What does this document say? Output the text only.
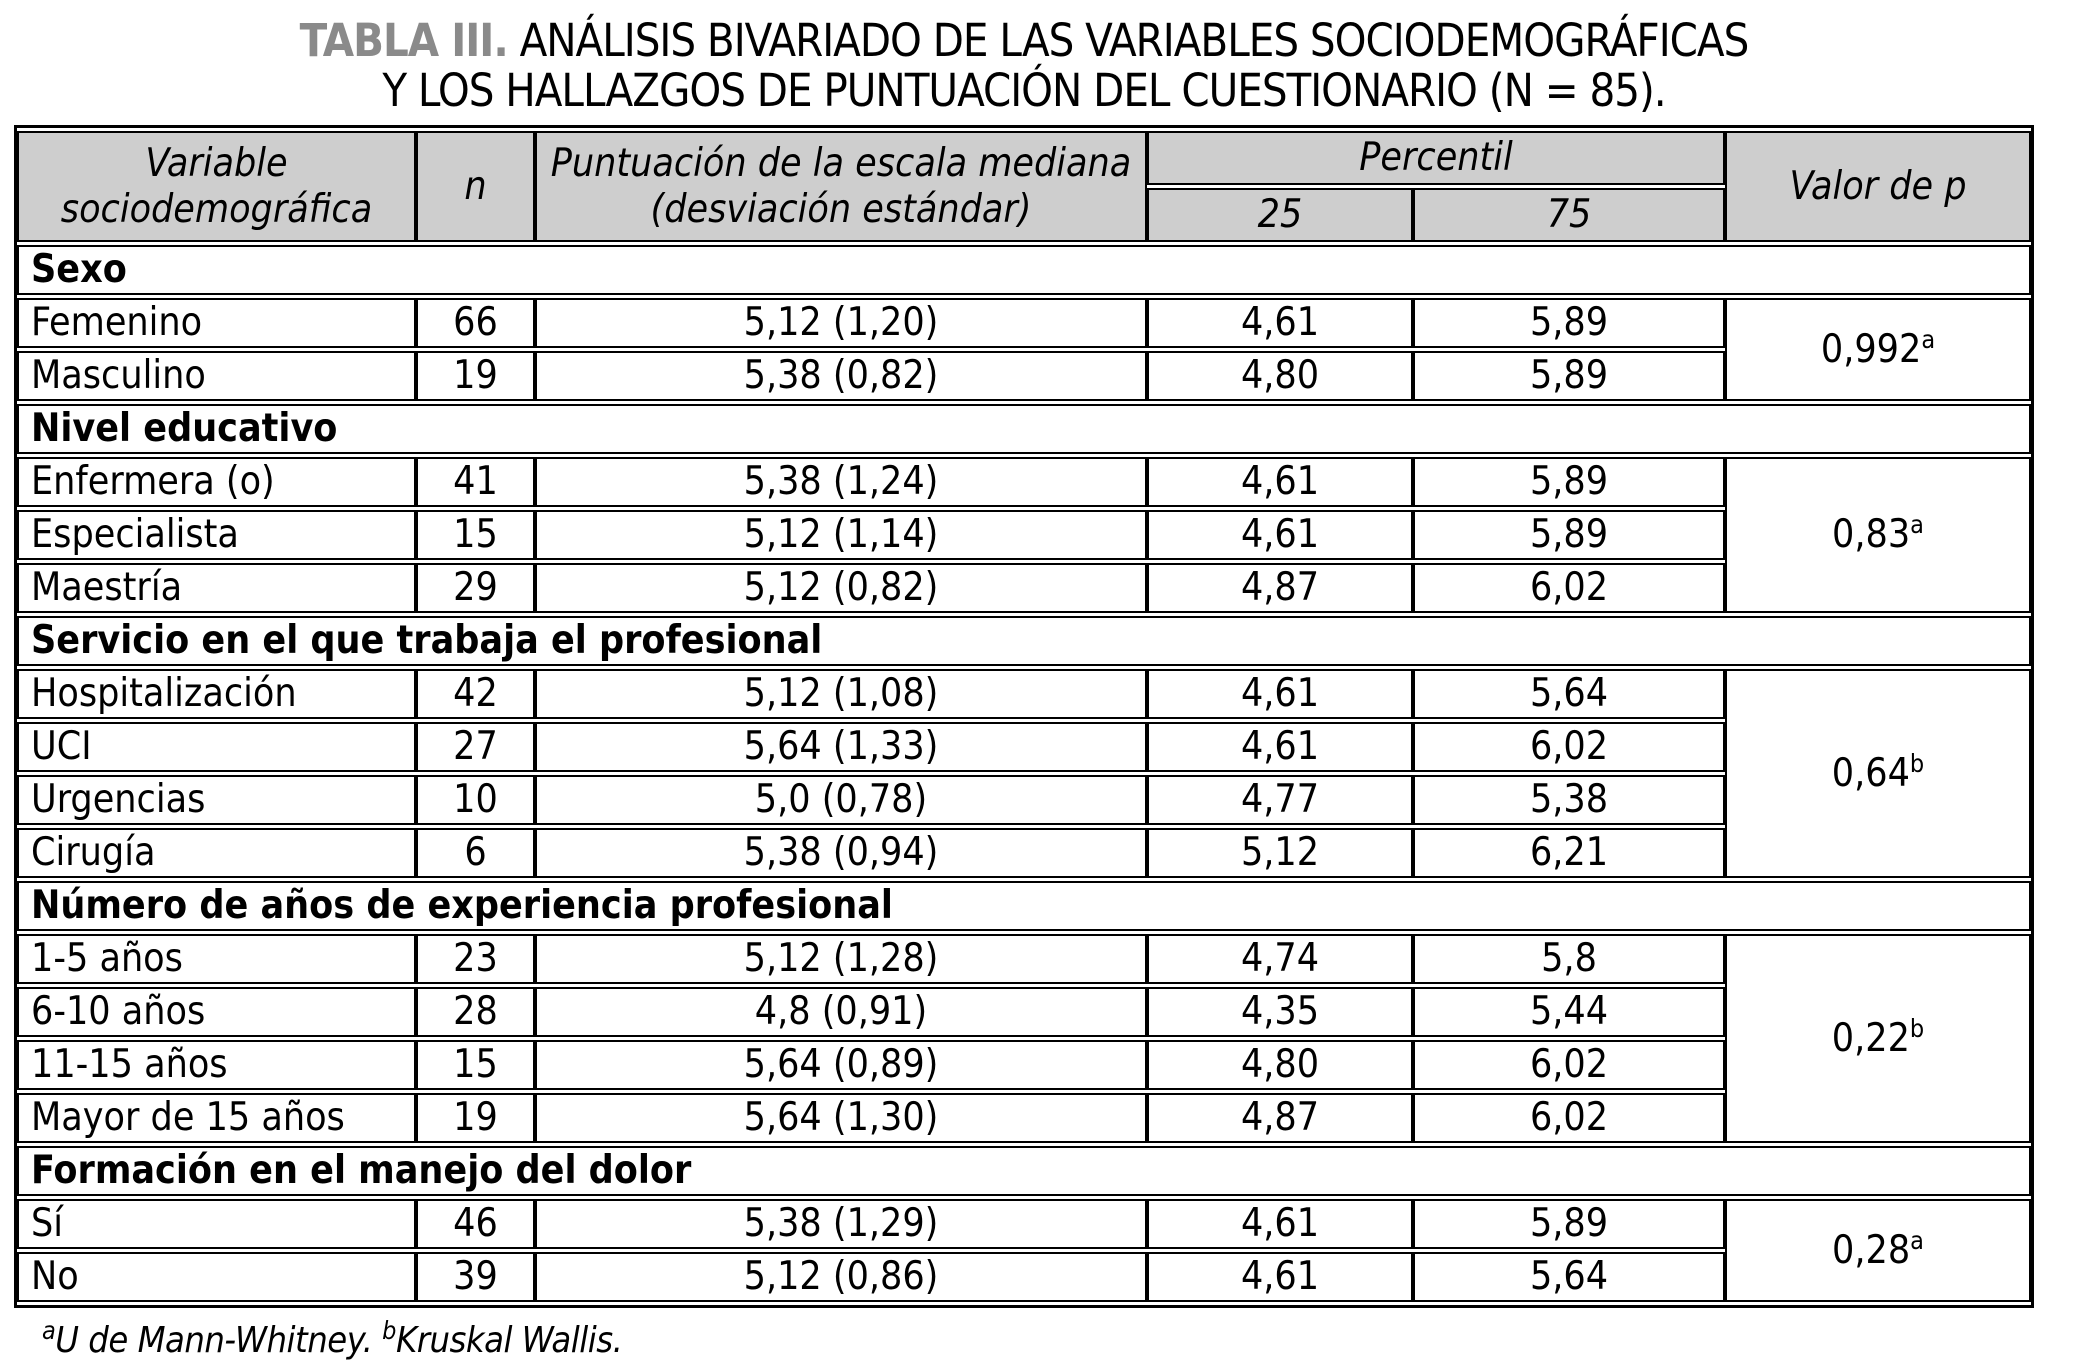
TABLA III. ANÁLISIS BIVARIADO DE LAS VARIABLES SOCIODEMOGRÁFICAS

Y LOS HALLAZGOS DE PUNTUACIÓN DEL CUESTIONARIO (N = 85).

Variable sociodemográfica	n	Puntuación de la escala mediana (desviación estándar)	Percentil		Valor de p
			25	75	
Sexo					
Femenino	66	5,12 (1,20)	4,61	5,89	0,992$^a$
Masculino	19	5,38 (0,82)	4,80	5,89	
Nivel educativo					
Enfermera (o)	41	5,38 (1,24)	4,61	5,89	0,83$^a$
Especialista	15	5,12 (1,14)	4,61	5,89	
Maestría	29	5,12 (0,82)	4,87	6,02	
Servicio en el que trabaja el profesional					
Hospitalización	42	5,12 (1,08)	4,61	5,64	0,64$^b$
UCI	27	5,64 (1,33)	4,61	6,02	
Urgencias	10	5,0 (0,78)	4,77	5,38	
Cirugía	6	5,38 (0,94)	5,12	6,21	
Número de años de experiencia profesional					
1-5 años	23	5,12 (1,28)	4,74	5,8	0,22$^b$
6-10 años	28	4,8 (0,91)	4,35	5,44	
11-15 años	15	5,64 (0,89)	4,80	6,02	
Mayor de 15 años	19	5,64 (1,30)	4,87	6,02	
Formación en el manejo del dolor					
Sí	46	5,38 (1,29)	4,61	5,89	0,28$^a$
No	39	5,12 (0,86)	4,61	5,64	

$^a$U de Mann-Whitney. $^b$Kruskal Wallis.
